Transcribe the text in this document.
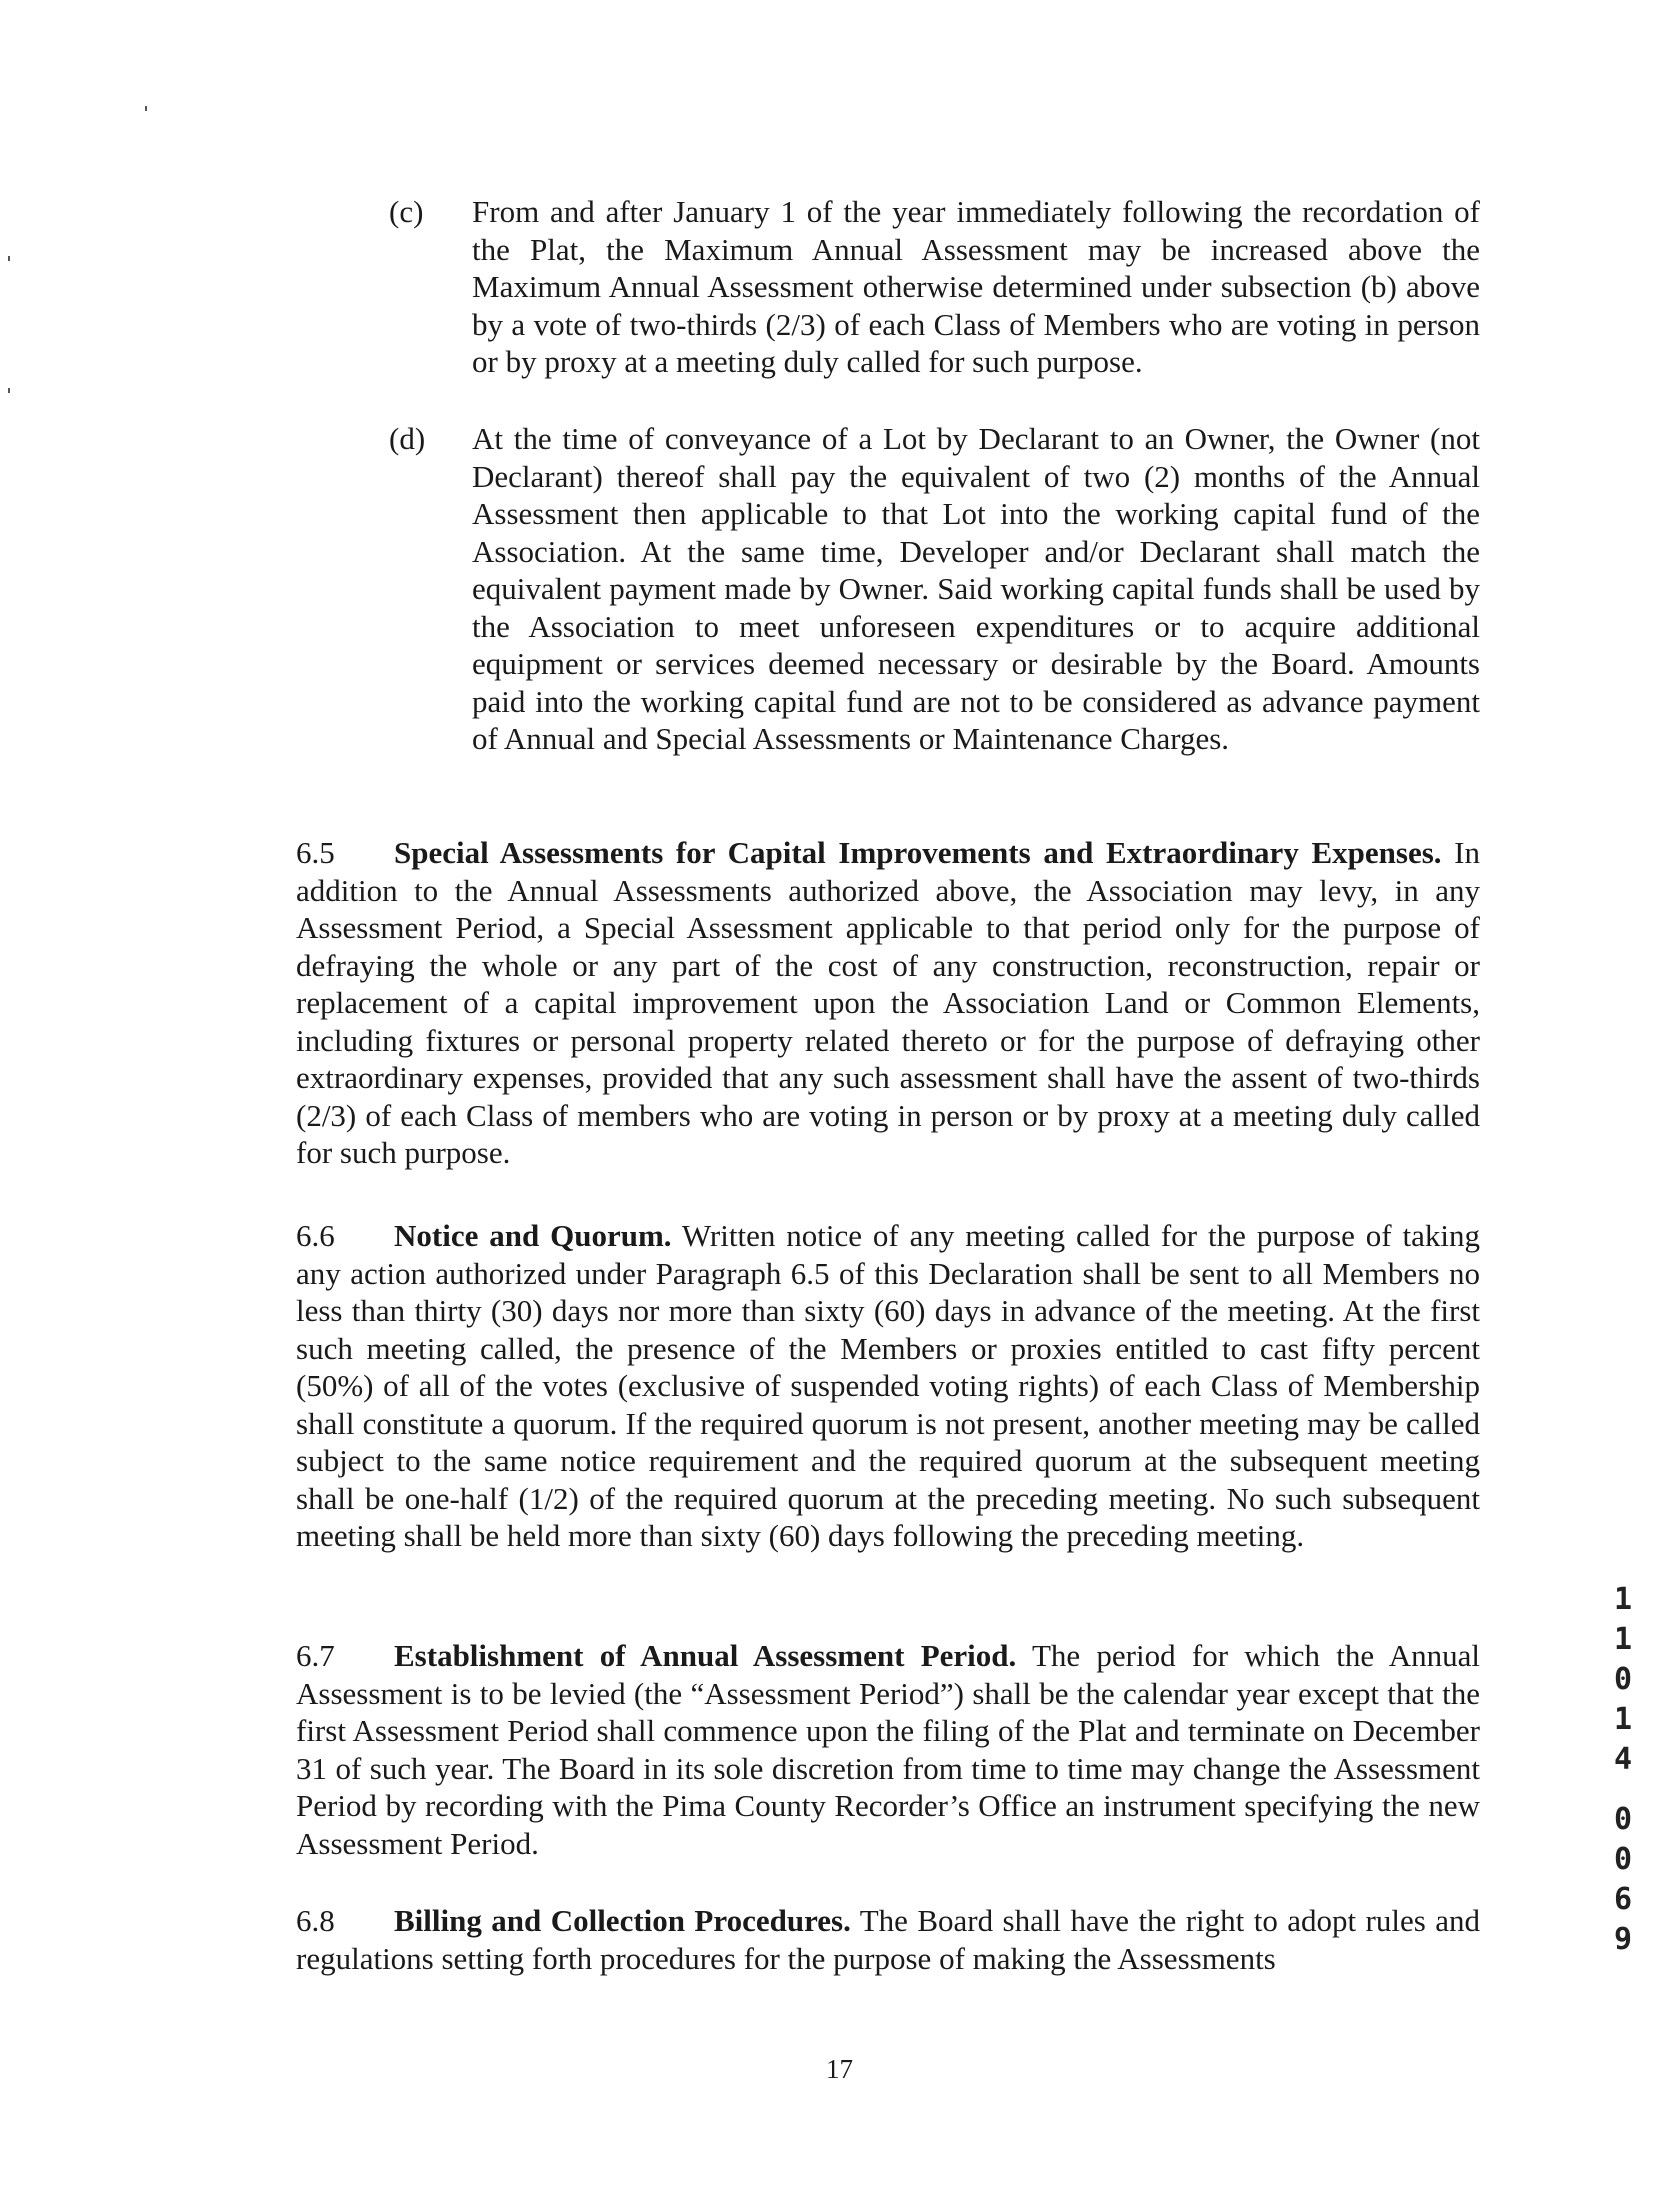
(c) From and after January 1 of the year immediately following the recordation of the Plat, the Maximum Annual Assessment may be increased above the Maximum Annual Assessment otherwise determined under subsection (b) above by a vote of two-thirds (2/3) of each Class of Members who are voting in person or by proxy at a meeting duly called for such purpose.
(d) At the time of conveyance of a Lot by Declarant to an Owner, the Owner (not Declarant) thereof shall pay the equivalent of two (2) months of the Annual Assessment then applicable to that Lot into the working capital fund of the Association. At the same time, Developer and/or Declarant shall match the equivalent payment made by Owner. Said working capital funds shall be used by the Association to meet unforeseen expenditures or to acquire additional equipment or services deemed necessary or desirable by the Board. Amounts paid into the working capital fund are not to be considered as advance payment of Annual and Special Assessments or Maintenance Charges.
6.5 Special Assessments for Capital Improvements and Extraordinary Expenses. In addition to the Annual Assessments authorized above, the Association may levy, in any Assessment Period, a Special Assessment applicable to that period only for the purpose of defraying the whole or any part of the cost of any construction, reconstruction, repair or replacement of a capital improvement upon the Association Land or Common Elements, including fixtures or personal property related thereto or for the purpose of defraying other extraordinary expenses, provided that any such assessment shall have the assent of two-thirds (2/3) of each Class of members who are voting in person or by proxy at a meeting duly called for such purpose.
6.6 Notice and Quorum. Written notice of any meeting called for the purpose of taking any action authorized under Paragraph 6.5 of this Declaration shall be sent to all Members no less than thirty (30) days nor more than sixty (60) days in advance of the meeting. At the first such meeting called, the presence of the Members or proxies entitled to cast fifty percent (50%) of all of the votes (exclusive of suspended voting rights) of each Class of Membership shall constitute a quorum. If the required quorum is not present, another meeting may be called subject to the same notice requirement and the required quorum at the subsequent meeting shall be one-half (1/2) of the required quorum at the preceding meeting. No such subsequent meeting shall be held more than sixty (60) days following the preceding meeting.
6.7 Establishment of Annual Assessment Period. The period for which the Annual Assessment is to be levied (the “Assessment Period”) shall be the calendar year except that the first Assessment Period shall commence upon the filing of the Plat and terminate on December 31 of such year. The Board in its sole discretion from time to time may change the Assessment Period by recording with the Pima County Recorder’s Office an instrument specifying the new Assessment Period.
6.8 Billing and Collection Procedures. The Board shall have the right to adopt rules and regulations setting forth procedures for the purpose of making the Assessments
1
1
0
1
4
0
0
6
9
17
